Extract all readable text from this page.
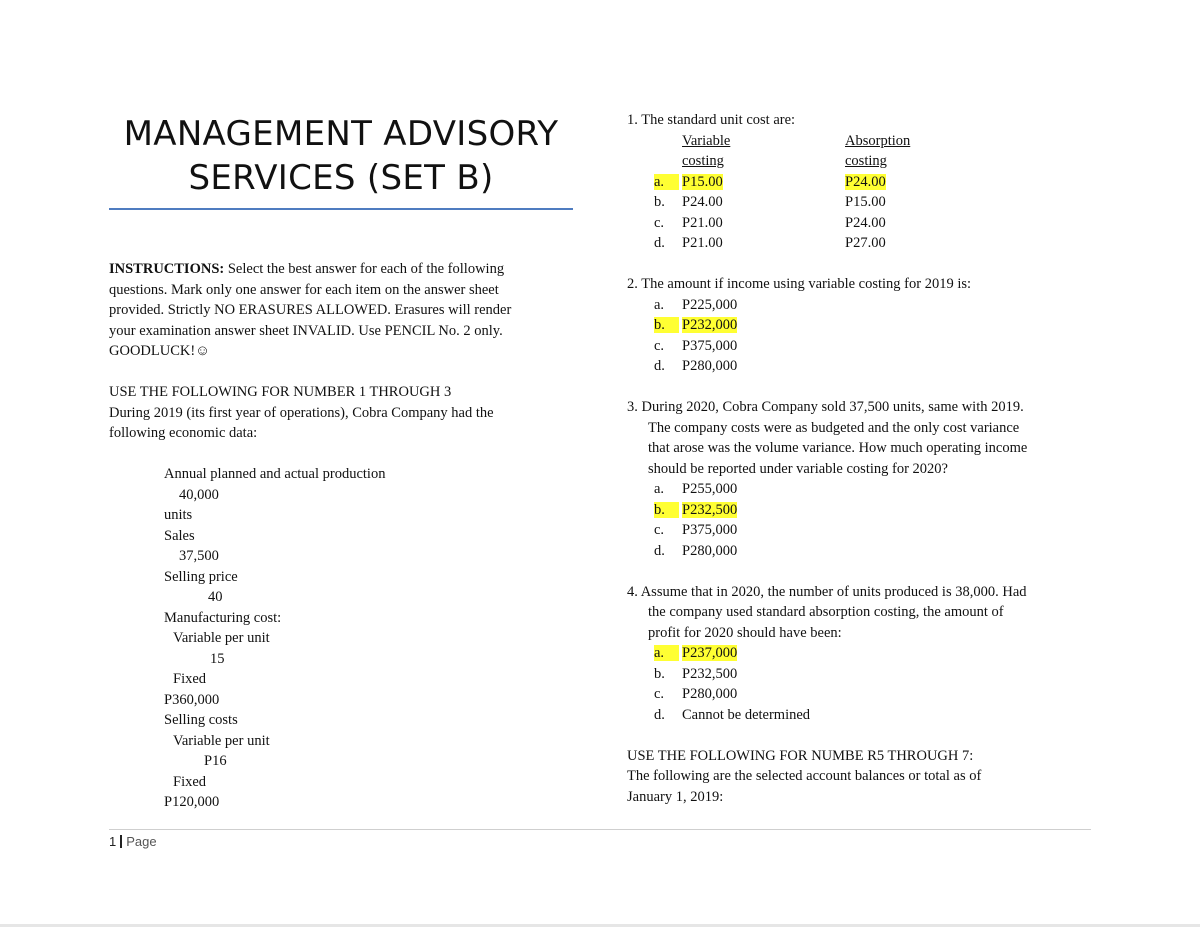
MANAGEMENT ADVISORY
SERVICES (SET B)

INSTRUCTIONS: Select the best answer for each of the following

questions. Mark only one answer for each item on the answer sheet

provided. Strictly NO ERASURES ALLOWED. Erasures will render

your examination answer sheet INVALID. Use PENCIL No. 2 only.

GOODLUCK!☺

USE THE FOLLOWING FOR NUMBER 1 THROUGH 3

During 2019 (its first year of operations), Cobra Company had the

following economic data:

Annual planned and actual production
40,000
units
Sales
37,500
Selling price
40
Manufacturing cost:
Variable per unit
15
Fixed
P360,000
Selling costs
Variable per unit
P16
Fixed
P120,000

1. The standard unit cost are:

Variable	Absorption
costing	costing
a.	P15.00	P24.00
b.	P24.00	P15.00
c.	P21.00	P24.00
d.	P21.00	P27.00

2. The amount if income using variable costing for 2019 is:

a.	P225,000
b.	P232,000
c.	P375,000
d.	P280,000

3. During 2020, Cobra Company sold 37,500 units, same with 2019.

The company costs were as budgeted and the only cost variance

that arose was the volume variance. How much operating income

should be reported under variable costing for 2020?

a.	P255,000
b.	P232,500
c.	P375,000
d.	P280,000

4. Assume that in 2020, the number of units produced is 38,000. Had

the company used standard absorption costing, the amount of

profit for 2020 should have been:

a.	P237,000
b.	P232,500
c.	P280,000
d.	Cannot be determined

USE THE FOLLOWING FOR NUMBE R5 THROUGH 7:

The following are the selected account balances or total as of

January 1, 2019:

1 Page
